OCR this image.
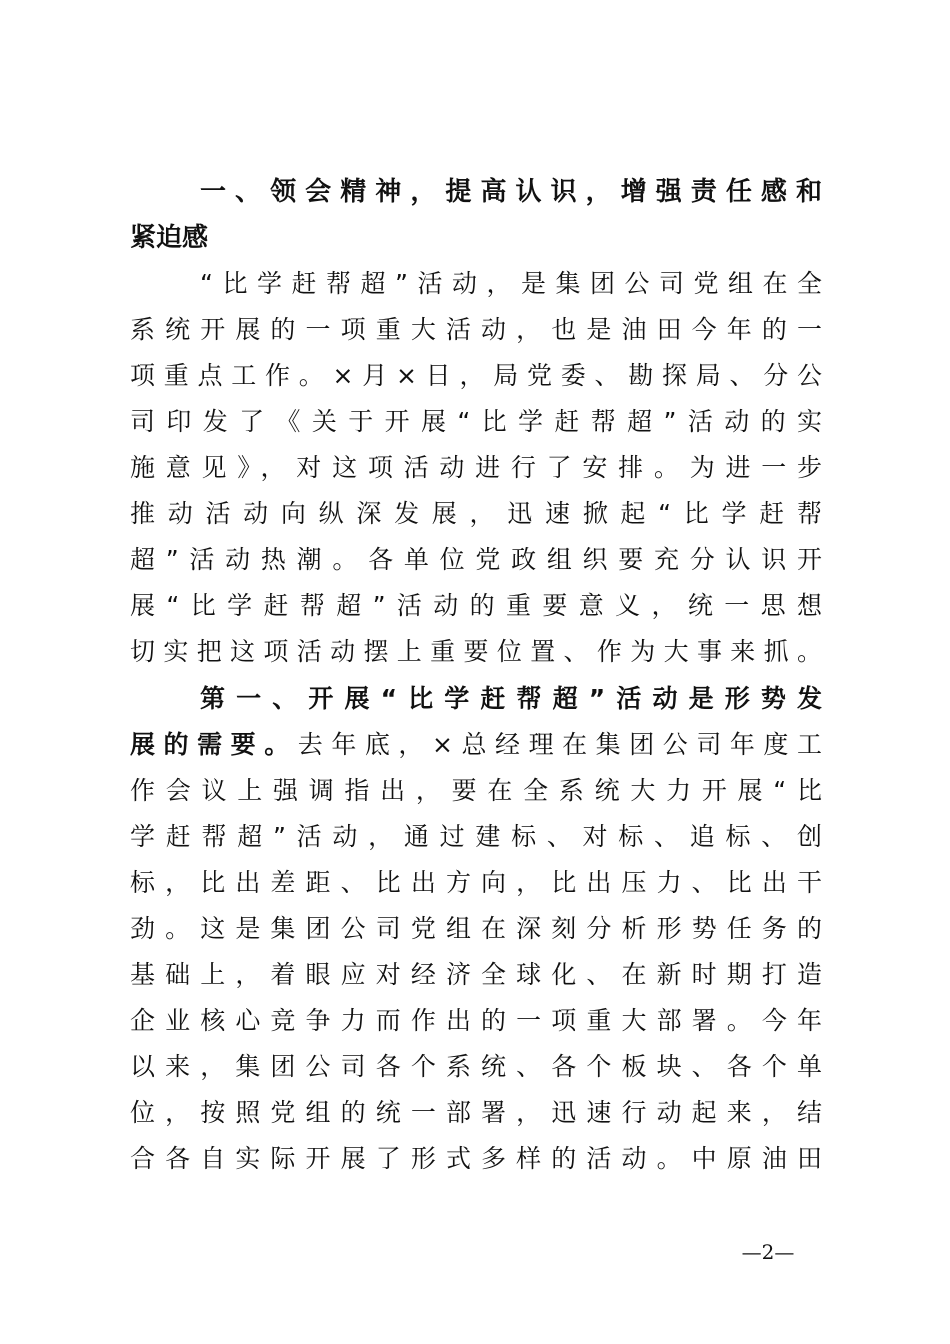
一、领会精神，提高认识，增强责任感和
紧迫感
“比学赶帮超”活动，是集团公司党组在全
系统开展的一项重大活动，也是油田今年的一
项重点工作。×月×日，局党委、勘探局、分公
司印发了《关于开展“比学赶帮超”活动的实
施意见》，对这项活动进行了安排。为进一步
推动活动向纵深发展，迅速掀起“比学赶帮
超”活动热潮。各单位党政组织要充分认识开
展“比学赶帮超”活动的重要意义，统一思想
切实把这项活动摆上重要位置、作为大事来抓。
第一、开展“比学赶帮超”活动是形势发
展的需要。去年底，×总经理在集团公司年度工
作会议上强调指出，要在全系统大力开展“比
学赶帮超”活动，通过建标、对标、追标、创
标，比出差距、比出方向，比出压力、比出干
劲。这是集团公司党组在深刻分析形势任务的
基础上，着眼应对经济全球化、在新时期打造
企业核心竞争力而作出的一项重大部署。今年
以来，集团公司各个系统、各个板块、各个单
位，按照党组的统一部署，迅速行动起来，结
合各自实际开展了形式多样的活动。中原油田
—2—
